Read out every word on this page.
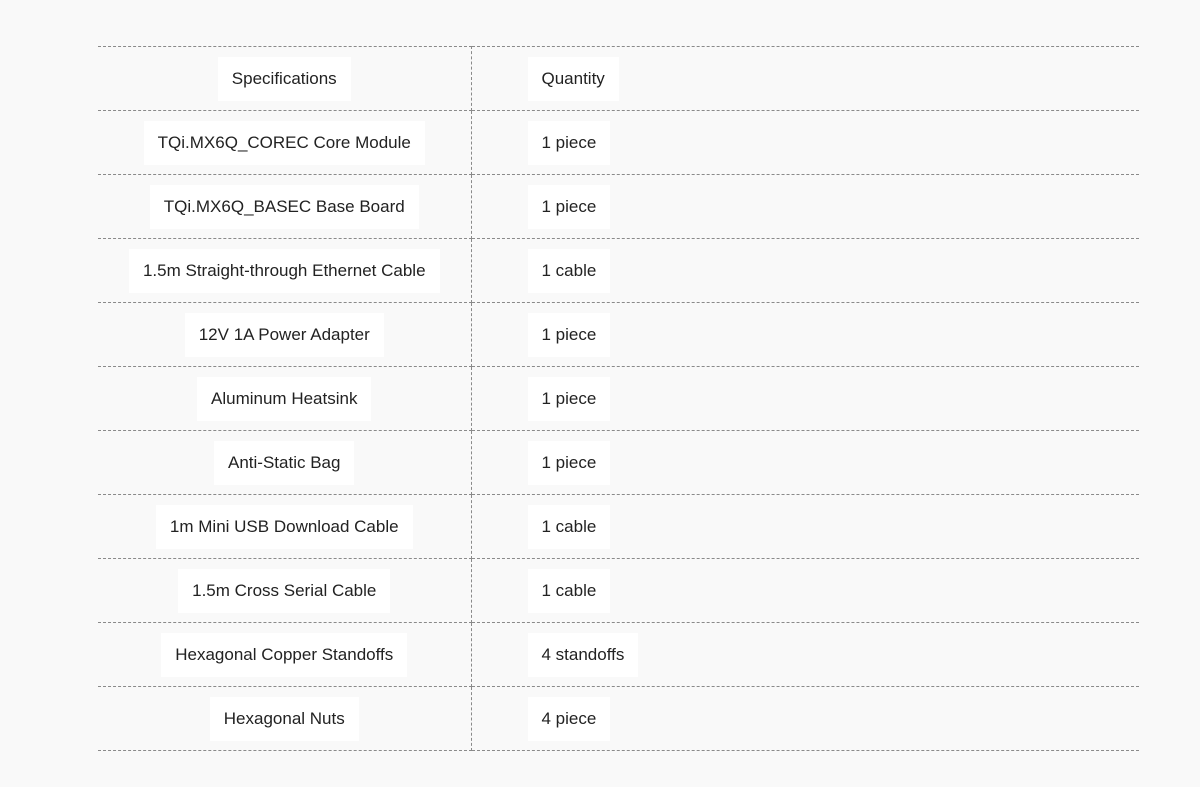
Specifications	Quantity
TQi.MX6Q_COREC Core Module	1 piece
TQi.MX6Q_BASEC Base Board	1 piece
1.5m Straight-through Ethernet Cable	1 cable
12V 1A Power Adapter	1 piece
Aluminum Heatsink	1 piece
Anti-Static Bag	1 piece
1m Mini USB Download Cable	1 cable
1.5m Cross Serial Cable	1 cable
Hexagonal Copper Standoffs	4 standoffs
Hexagonal Nuts	4 piece
